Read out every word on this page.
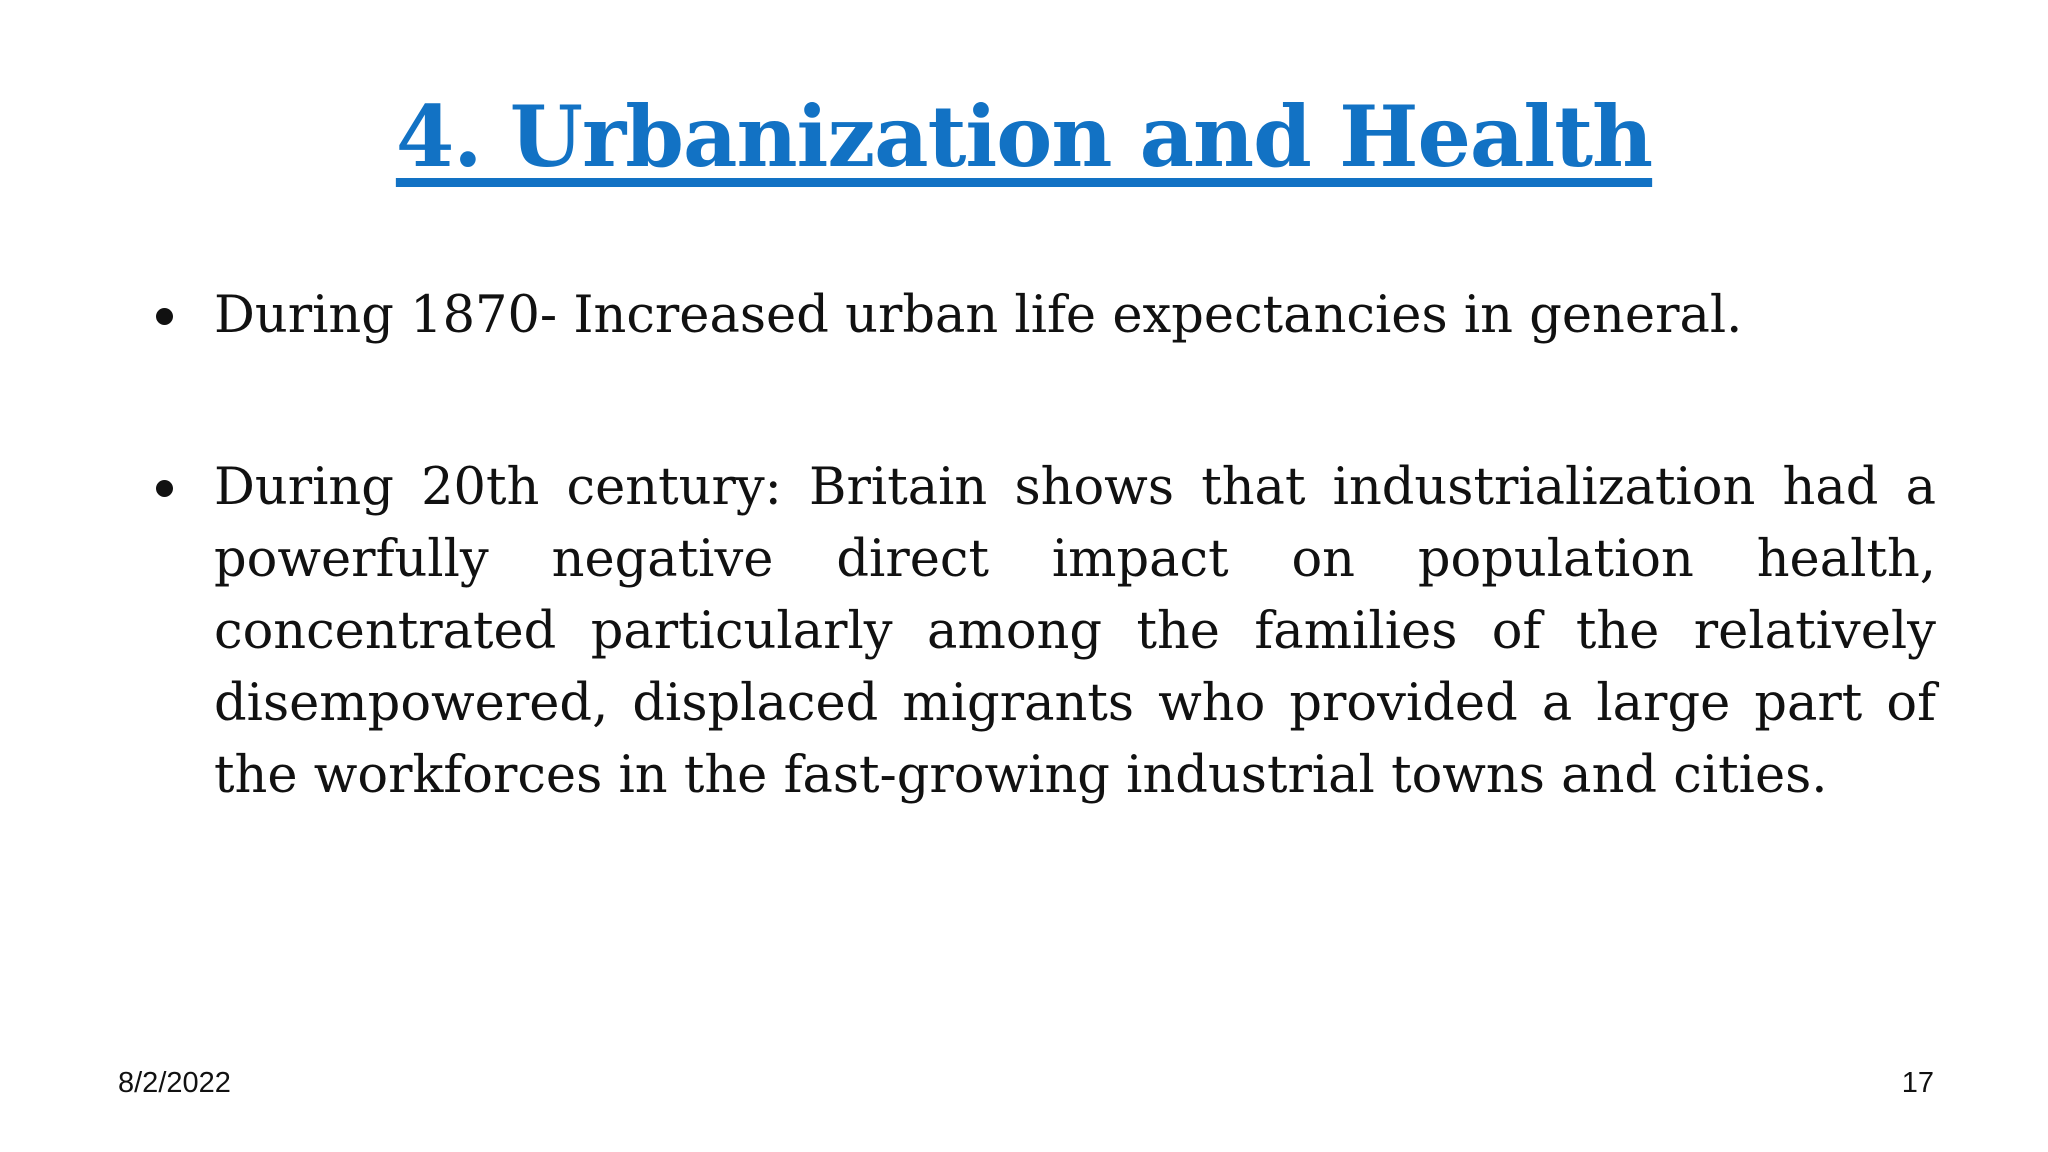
4. Urbanization and Health
During 1870- Increased urban life expectancies in general.
During 20th century: Britain shows that industrialization had a powerfully negative direct impact on population health, concentrated particularly among the families of the relatively disempowered, displaced migrants who provided a large part of the workforces in the fast-growing industrial towns and cities.
8/2/2022	17
